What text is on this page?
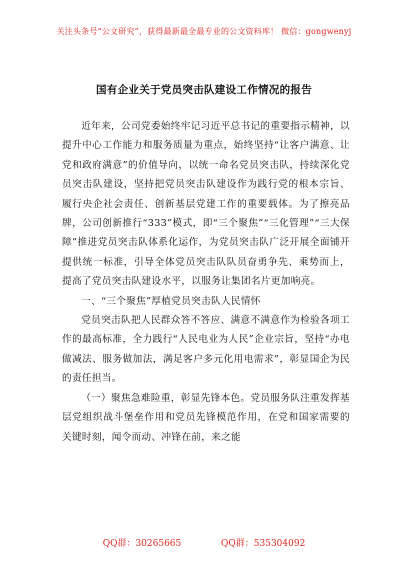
关注头条号“公文研究”，获得最新最全最专业的公文资料库！ 微信：gongwenyj
国有企业关于党员突击队建设工作情况的报告

近年来，公司党委始终牢记习近平总书记的重要指示精神，以提升中心工作能力和服务质量为重点，始终坚持“让客户满意、让党和政府满意”的价值导向，以统一命名党员突击队，持续深化党员突击队建设，坚持把党员突击队建设作为践行党的根本宗旨、履行央企社会责任、创新基层党建工作的重要载体。为了擦亮品牌，公司创新推行“333”模式，即“三个聚焦”“三化管理”“三大保障”推进党员突击队体系化运作，为党员突击队广泛开展全面铺开提供统一标准，引导全体党员突击队队员奋勇争先、乘势而上，提高了党员突击队建设水平，以服务让集团名片更加响亮。

一、“三个聚焦”厚植党员突击队人民情怀

党员突击队把人民群众答不答应、满意不满意作为检验各项工作的最高标准，全力践行“人民电业为人民”企业宗旨，坚持“办电做减法、服务做加法，满足客户多元化用电需求”，彰显国企为民的责任担当。

（一）聚焦急难险重，彰显先锋本色。党员服务队注重发挥基层党组织战斗堡垒作用和党员先锋模范作用，在党和国家需要的关键时刻，闻令而动、冲锋在前，来之能

QQ群：30265665	QQ群：535304092
